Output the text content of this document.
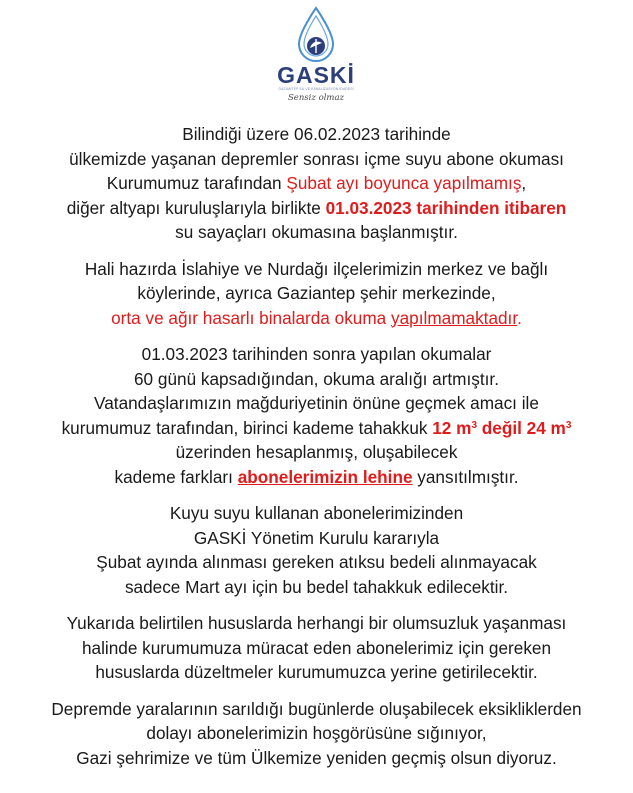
GASKİ
GAZİANTEP SU VE KANALİZASYON İDARESİ
Sensiz olmaz

Bilindiği üzere 06.02.2023 tarihinde

ülkemizde yaşanan depremler sonrası içme suyu abone okuması

Kurumumuz tarafından Şubat ayı boyunca yapılmamış,

diğer altyapı kuruluşlarıyla birlikte 01.03.2023 tarihinden itibaren

su sayaçları okumasına başlanmıştır.

Hali hazırda İslahiye ve Nurdağı ilçelerimizin merkez ve bağlı

köylerinde, ayrıca Gaziantep şehir merkezinde,

orta ve ağır hasarlı binalarda okuma yapılmamaktadır.

01.03.2023 tarihinden sonra yapılan okumalar

60 günü kapsadığından, okuma aralığı artmıştır.

Vatandaşlarımızın mağduriyetinin önüne geçmek amacı ile

kurumumuz tarafından, birinci kademe tahakkuk 12 $m^3$ değil 24 $m^3$

üzerinden hesaplanmış, oluşabilecek

kademe farkları abonelerimizin lehine yansıtılmıştır.

Kuyu suyu kullanan abonelerimizinden

GASKİ Yönetim Kurulu kararıyla

Şubat ayında alınması gereken atıksu bedeli alınmayacak

sadece Mart ayı için bu bedel tahakkuk edilecektir.

Yukarıda belirtilen hususlarda herhangi bir olumsuzluk yaşanması

halinde kurumumuza müracat eden abonelerimiz için gereken

hususlarda düzeltmeler kurumumuzca yerine getirilecektir.

Depremde yaralarının sarıldığı bugünlerde oluşabilecek eksikliklerden

dolayı abonelerimizin hoşgörüsüne sığınıyor,

Gazi şehrimize ve tüm Ülkemize yeniden geçmiş olsun diyoruz.
